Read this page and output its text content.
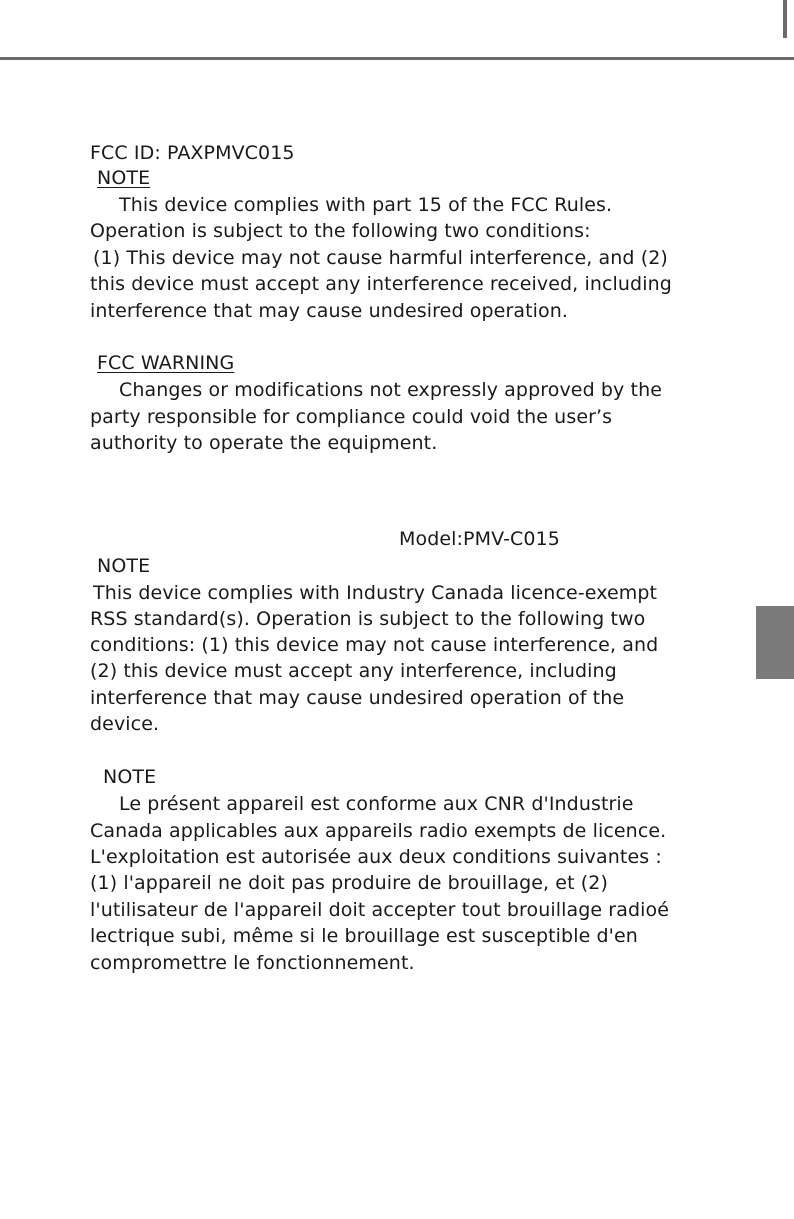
FCC ID: PAXPMVC015
NOTE
This device complies with part 15 of the FCC Rules.
Operation is subject to the following two conditions:
(1) This device may not cause harmful interference, and (2)
this device must accept any interference received, including
interference that may cause undesired operation.
FCC WARNING
Changes or modifications not expressly approved by the
party responsible for compliance could void the user’s
authority to operate the equipment.
Model:PMV-C015
NOTE
This device complies with Industry Canada licence-exempt
RSS standard(s). Operation is subject to the following two
conditions: (1) this device may not cause interference, and
(2) this device must accept any interference, including
interference that may cause undesired operation of the
device.
NOTE
Le présent appareil est conforme aux CNR d'Industrie
Canada applicables aux appareils radio exempts de licence.
L'exploitation est autorisée aux deux conditions suivantes :
(1) l'appareil ne doit pas produire de brouillage, et (2)
l'utilisateur de l'appareil doit accepter tout brouillage radioé
lectrique subi, même si le brouillage est susceptible d'en
compromettre le fonctionnement.
